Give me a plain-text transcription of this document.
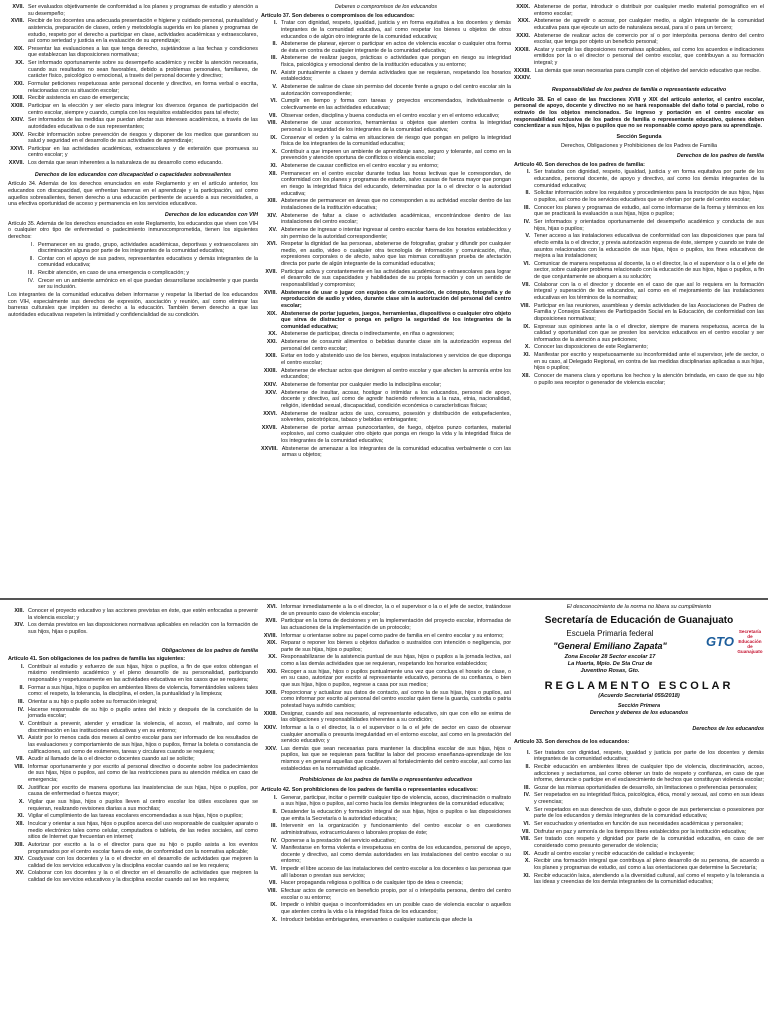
XVII. Ser evaluados objetivamente de conformidad a los planes y programas de estudio y atención a su desempeño;
XVIII. Recibir de los docentes una adecuada presentación e higiene y cuidado personal, puntualidad y asistencia, preparación de clases, orden y metodología sugerida en los planes y programas de estudio, respeto por el derecho a participar en clase, actividades académicas y extraescolares, así como seriedad y justicia en la evaluación de su aprendizaje;
XIX. Presentar las evaluaciones a las que tenga derecho, sujetándose a las fechas y condiciones que establezcan las disposiciones normativas;
XX. Ser informado oportunamente sobre su desempeño académico y recibir la atención necesaria, cuando sus resultados no sean favorables, debido a problemas personales, familiares, de carácter físico, psicológico o emocional, a través del personal docente y directivo;
XXI. Formular peticiones respetuosas ante personal docente y directivo, en forma verbal o escrita, relacionadas con su situación escolar;
XXII. Recibir asistencia en caso de emergencia;
XXIII. Participar en la elección y ser electo para integrar los diversos órganos de participación del centro escolar, siempre y cuando, cumpla con los requisitos establecidos para tal efecto;
XXIV. Ser informados de las medidas que puedan afectar sus intereses académicos, a través de las autoridades educativas o de sus representantes;
XXV. Recibir información sobre prevención de riesgos y disponer de los medios que garanticen su salud y seguridad en el desarrollo de sus actividades de aprendizaje;
XXVI. Participar en las actividades académicas, extraescolares y de extensión que promueva su centro escolar; y
XXVII. Los demás que sean inherentes a la naturaleza de su desarrollo como educando.
Derechos de los educandos con discapacidad o capacidades sobresalientes

Artículo 34. Además de los derechos enunciados en este Reglamento y en el artículo anterior, los educandos con discapacidad, que enfrentan barreras en el aprendizaje y la participación, así como aquellos sobresalientes, tienen derecho a una educación pertinente de acuerdo a sus necesidades, a una efectiva oportunidad de acceso y permanencia en los servicios educativos.

Derechos de los educandos con VIH

Artículo 35. Además de los derechos enunciados en este Reglamento, los educandos que viven con VIH o cualquier otro tipo de enfermedad o padecimiento inmunocomprometida, tienen los siguientes derechos:

I. Permanecer en su grado, grupo, actividades académicas, deportivas y extraescolares sin discriminación alguna por parte de los integrantes de la comunidad educativa;
II. Contar con el apoyo de sus padres, representantes educativos y demás integrantes de la comunidad educativa;
III. Recibir atención, en caso de una emergencia o complicación; y
IV. Crecer en un ambiente armónico en el que puedan desarrollarse socialmente y que pueda ser su inclusión.

Los integrantes de la comunidad educativa deben informarse y respetar la libertad de los educandos con VIH, especialmente sus derechos de expresión, asociación y reunión, así como eliminar las barreras culturales que impiden su derecho a la educación. También tienen derecho a que las autoridades educativas respeten la intimidad y confidencialidad de su condición.

Deberes o compromisos de los educandos

Artículo 37. Son deberes o compromisos de los educandos:

I. Tratar con dignidad, respeto, igualdad, justicia y en forma equitativa a los docentes y demás integrantes de la comunidad educativa, así como respetar los bienes u objetos de otros educandos o de algún otro integrante de la comunidad educativa;
II. Abstenerse de planear, ejercer o participar en actos de violencia escolar o cualquier otra forma de ésta en contra de cualquier integrante de la comunidad educativa;
III. Abstenerse de realizar juegos, prácticas o actividades que pongan en riesgo su integridad física, psicológica y emocional dentro de la institución educativa y su entorno;
IV. Asistir puntualmente a clases y demás actividades que se requieran, respetando los horarios establecidos;
V. Abstenerse de salirse de clase sin permiso del docente frente a grupo o del centro escolar sin la autorización correspondiente;
VI. Cumplir en tiempo y forma con tareas y proyectos encomendados, individualmente o colectivamente en las actividades educativas;
VII. Observar orden, disciplina y buena conducta en el centro escolar y en el entorno educativo;
VIII. Abstenerse de usar accesorios, herramientas u objetos que atenten contra la integridad personal o la seguridad de los integrantes de la comunidad educativa;
IX. Conservar el orden y la calma en situaciones de riesgo que pongan en peligro la integridad física de los integrantes de la comunidad educativa;
X. Contribuir a que imperen un ambiente de aprendizaje sano, seguro y tolerante, así como en la prevención y atención oportuna de conflictos o violencia escolar;
XI. Abstenerse de causar conflictos en el centro escolar y su entorno;
XII. Permanecer en el centro escolar durante todas las horas lectivas que le correspondan, de conformidad con los planes y programas de estudio, salvo causas de fuerza mayor que pongan en riesgo la integridad física del educando, determinadas por la o el director o la autoridad educativa;
XIII. Abstenerse de permanecer en áreas que no corresponden a su actividad escolar dentro de las instalaciones de la institución educativa;
XIV. Abstenerse de faltar a clase o actividades académicas, encontrándose dentro de las instalaciones del centro escolar;
XV. Abstenerse de ingresar o intentar ingresar al centro escolar fuera de los horarios establecidos y sin permiso de la autoridad correspondiente;
XVI. Respetar la dignidad de las personas, abstenerse de fotografiar, grabar y difundir por cualquier medio, en audio, video o cualquier otra tecnología de información y comunicación, rifas, expresiones corporales o de afecto, salvo que las mismas constituyan prueba de afectación directa por parte de algún integrante de la comunidad educativa;
XVII. Participar activa y constantemente en las actividades académicas o extraescolares para lograr el desarrollo de sus capacidades y habilidades de su propia formación y con un sentido de responsabilidad y compromiso;
XVIII. Abstenerse de usar o jugar con equipos de comunicación, de cómputo, fotografía y de reproducción de audio y video, durante clase sin la autorización del personal del centro escolar;
XIX. Abstenerse de portar juguetes, juegos, herramientas, dispositivos o cualquier otro objeto que sirva de distractor o ponga en peligro la seguridad de los integrantes de la comunidad educativa;
XX. Abstenerse de participar, directa o indirectamente, en rifas o agresiones;
XXI. Abstenerse de consumir alimentos o bebidas durante clase sin la autorización expresa del personal del centro escolar;
XXII. Evitar en todo y abstenido uso de los bienes, equipos instalaciones y servicios de que disponga el centro escolar;
XXIII. Abstenerse de efectuar actos que denigren al centro escolar y que afecten la armonía entre los educandos;
XXIV. Abstenerse de fomentar por cualquier medio la indisciplina escolar;
XXV. Abstenerse de insultar, acosar, hostigar o intimidar a los educandos, personal de apoyo, docente y directivo, así como de agredir haciendo referencia a la raza, etnia, nacionalidad, religión, identidad sexual, discapacidad, condición económica o características físicas;
XXVI. Abstenerse de realizar actos de uso, consumo, posesión y distribución de estupefacientes, solventes, psicotrópicos, tabaco y bebidas embriagantes;
XXVII. Abstenerse de portar armas punzocortantes, de fuego, objetos punzo cortantes, material explosivo, así como cualquier otro objeto que ponga en riesgo la vida y la integridad física de los integrantes de la comunidad educativa;
XXVIII. Abstenerse de amenazar a los integrantes de la comunidad educativa verbalmente o con las armas u objetos;
XXIX. Abstenerse de portar, introducir o distribuir por cualquier medio material pornográfico en el entorno escolar;
XXX. Abstenerse de agredir o acosar, por cualquier medio, a algún integrante de la comunidad educativa para que ejecute un acto de naturaleza sexual, para sí o para un tercero;
XXXI. Abstenerse de realizar actos de comercio por sí o por interpósita persona dentro del centro escolar, que tenga por objeto un beneficio personal;
XXXII. Acatar y cumplir las disposiciones normativas aplicables, así como los acuerdos e indicaciones emitidos por la o el director o personal del centro escolar, que contribuyan a su formación integral; y
XXXIII. Las demás que sean necesarias para cumplir con el objetivo del servicio educativo que recibe.
XXXIV.
Responsabilidad de los padres de familia o representante educativo

Artículo 38. En el caso de las fracciones XVIII y XIX del artículo anterior, el centro escolar, personal de apoyo, docente y directivo no se hará responsable del daño total o parcial, robo o extravío de los objetos mencionados. Su ingreso y portación en el centro escolar es responsabilidad exclusiva de los padres de familia o representante educativo, quienes deben concientizar a sus hijos, hijas o pupilos que no se responsable como apoyo para su aprendizaje.

Sección Segunda
Derechos, Obligaciones y Prohibiciones de los Padres de Familia
Derechos de los padres de familia

Artículo 40. Son derechos de los padres de familia:

I. Ser tratados con dignidad, respeto, igualdad, justicia y en forma equitativa por parte de los educandos, personal docente, de apoyo y directivo, así como los demás integrantes de la comunidad educativa;
II. Solicitar información sobre los requisitos y procedimientos para la inscripción de sus hijos, hijas o pupilos, así como de los servicios educativos que se ofertan por parte del centro escolar;
III. Conocer los planes y programas de estudio, así como informarse de la forma y términos en los que se practicará la evaluación a sus hijas, hijos o pupilos;
IV. Ser informados y orientados oportunamente del desempeño académico y conducta de sus hijos, hijas o pupilos;
V. Tener acceso a las instalaciones educativas de conformidad con las disposiciones que para tal efecto emita la o el director, y previa autorización expresa de éste, siempre y cuando se trate de asuntos relacionados con la educación de sus hijas, hijos o pupilos, los fines educativos de mejora a las instalaciones;
VI. Comunicar de manera respetuosa al docente, la o el director, la o el supervisor o la o el jefe de sector, sobre cualquier problema relacionado con la educación de sus hijos, hijas o pupilos, a fin de que conjuntamente se aboquen a su solución;
VII. Colaborar con la o el director y docente en el caso de que así lo requiera en la formación integral y superación de los educandos, así como en el mejoramiento de las instalaciones educativas en los términos de la normativa;
VIII. Participar en las reuniones, asambleas y demás actividades de las Asociaciones de Padres de Familia y Consejos Escolares de Participación Social en la Educación, de conformidad con las disposiciones normativas;
IX. Expresar sus opiniones ante la o el director, siempre de manera respetuosa, acerca de la calidad y oportunidad con que se presten los servicios educativos en el centro escolar y ser informados de la atención a sus peticiones;
X. Conocer las disposiciones de este Reglamento;
XI. Manifestar por escrito y respetuosamente su inconformidad ante el supervisor, jefe de sector, o en su caso, al Delegado Regional, en contra de las medidas disciplinarias aplicadas a sus hijas, hijos o pupilos;
XII. Conocer de manera clara y oportuna los hechos y la atención brindada, en caso de que su hijo o pupilo sea receptor o generador de violencia escolar;
XIII. Conocer el proyecto educativo y las acciones previstas en éste, que estén enfocadas a prevenir la violencia escolar; y
XIV. Los demás previstos en las disposiciones normativas aplicables en relación con la formación de sus hijos, hijas o pupilos.
Obligaciones de los padres de familia

Artículo 41. Son obligaciones de los padres de familia las siguientes:

I. Contribuir al estudio y esfuerzo de sus hijas, hijos o pupilos, a fin de que estos obtengan el máximo rendimiento académico y el pleno desarrollo de su personalidad, participando responsable y respetuosamente en las actividades educativas en los casos que se requiera;
II. Formar a sus hijas, hijos o pupilos en ambientes libres de violencia, fomentándoles valores tales como: el respeto, la tolerancia, la disciplina, el orden, la puntualidad y la limpieza;
III. Orientar a su hijo o pupilo sobre su formación integral;
IV. Hacerse responsable de su hijo o pupilo antes del inicio y después de la conclusión de la jornada escolar;
V. Contribuir a prevenir, atender y erradicar la violencia, el acoso, el maltrato, así como la discriminación en las instituciones educativas y en su entorno;
VI. Asistir por lo menos cada dos meses al centro escolar para ser informado de los resultados de las evaluaciones y comportamiento de sus hijas, hijos o pupilos, firmar la boleta o constancia de calificaciones, así como de exámenes, tareas y circulares cuando se requiera;
VII. Acudir al llamado de la o el director o docentes cuando así se solicite;
VIII. Informar oportunamente y por escrito al personal directivo o docente sobre los padecimientos de sus hijas, hijos o pupilos, así como de las restricciones para su atención médica en caso de emergencia;
IX. Justificar por escrito de manera oportuna las inasistencias de sus hijas, hijos o pupilos, por causa de enfermedad o fuerza mayor;
X. Vigilar que sus hijas, hijos o pupilos lleven al centro escolar los útiles escolares que se requieran, realizando revisiones diarias a sus mochilas;
XI. Vigilar el cumplimiento de las tareas escolares encomendadas a sus hijas, hijos o pupilos;
XII. Inculcar y orientar a sus hijas, hijos o pupilos acerca del uso responsable de cualquier aparato o medio electrónico tales como celular, computadora o tableta, de las redes sociales, así como sitios de Internet que frecuentan en internet;
XIII. Autorizar por escrito a la o el director para que su hijo o pupilo asista a los eventos programados por el centro escolar fuera de este, de conformidad con la normativa aplicable;
XIV. Coadyuvar con los docentes y la o el director en el desarrollo de actividades que mejoren la calidad de los servicios educativos y la disciplina escolar cuando así se les requiera;
XV. Colaborar con los docentes y la o el director en el desarrollo de actividades que mejoren la calidad de los servicios educativos y la disciplina escolar cuando así se les requiera;
XVI. Informar inmediatamente a la o el director, la o el supervisor o la o el jefe de sector, tratándose de un presunto caso de violencia escolar;
XVII. Participar en la toma de decisiones y en la implementación del proyecto escolar, informadas de las actuaciones de la implementación de un protocolo;
XVIII. Informar u orientarse sobre su papel como padre de familia en el centro escolar y su entorno;
XIX. Reparar o reponer los bienes u objetos dañados o sustraídos con intención o negligencia, por parte de sus hijas, hijos o pupilos;
XX. Responsabilizarse de la asistencia puntual de sus hijas, hijos o pupilos a la jornada lectiva, así como a las demás actividades que se requieran, respetando los horarios establecidos;
XXI. Recoger a sus hijas, hijos o pupilos puntualmente una vez que concluya el horario de clase, o en su caso, autorizar por escrito al representante educativo, persona de su confianza, o bien que sus hijas, hijos o pupilos, regrese a casa por sus medios;
XXII. Proporcionar y actualizar sus datos de contacto, así como la de sus hijas, hijos o pupilos, así como informar por escrito al personal del centro escolar quien tiene la guarda, custodia o patria potestad haya sufrido cambios;
XXIII. Designar, cuando así sea necesario, al representante educativo, sin que con ello se exima de las obligaciones y responsabilidades inherentes a su condición;
XXIV. Informar a la o el director, la o el supervisor o la o el jefe de sector en caso de observar cualquier anomalía o presunta irregularidad en el entorno escolar, así como en la prestación del servicio educativo; y
XXV. Las demás que sean necesarias para mantener la disciplina escolar de sus hijas, hijos o pupilos, las que se requieran para facilitar la labor del proceso enseñanza-aprendizaje de los mismos y en general aquellas que coadyuven al fortalecimiento del centro escolar, así como las establecidas en la normatividad aplicable.
Prohibiciones de los padres de familia o representantes educativos

Artículo 42. Son prohibiciones de los padres de familia o representantes educativos:

I. Generar, participar, incitar o permitir cualquier tipo de violencia, acoso, discriminación o maltrato a sus hijas, hijos o pupilos, así como hacia los demás integrantes de la comunidad educativa;
II. Desatender la educación y formación integral de sus hijas, hijos o pupilos o las disposiciones que emita la Secretaría o la autoridad educativa;
III. Intervenir en la organización y funcionamiento del centro escolar o en cuestiones administrativas, extracurriculares o laborales propias de éste;
IV. Oponerse a la prestación del servicio educativo;
V. Manifestarse en forma violenta e irrespetuosa en contra de los educandos, personal de apoyo, docente y directivo, así como demás autoridades en las instalaciones del centro escolar o su entorno;
VI. Impedir el libre acceso de las instalaciones del centro escolar a los docentes o las personas que allí laboran o prestan sus servicios;
VII. Hacer propaganda religiosa o política o de cualquier tipo de idea o creencia;
VIII. Efectuar actos de comercio en beneficio propio, por sí o interpósita persona, dentro del centro escolar o su entorno;
IX. Impedir o inhibir quejas o inconformidades en un posible caso de violencia escolar o aquellos que atenten contra la vida o la integridad física de los educandos;
X. Introducir bebidas embriagantes, enervantes o cualquier sustancia que afecte la
El desconocimiento de la norma no libera su cumplimiento
Secretaría de Educación de Guanajuato
Escuela Primaria federal
"General Emiliano Zapata"
Zona Escolar 28 Sector escolar 17
La Huerta, Mpio. De Sta Cruz de
Juventino Rosas, Gto.
GTO
Secretaría de Educación de Guanajuato
REGLAMENTO ESCOLAR
(Acuerdo Secretarial 055/2018)
Sección Primera
Derechos y deberes de los educandos
Derechos de los educandos

Artículo 33. Son derechos de los educandos:

I. Ser tratados con dignidad, respeto, igualdad y justicia por parte de los docentes y demás integrantes de la comunidad educativa;
II. Recibir educación en ambientes libres de cualquier tipo de violencia, discriminación, acoso, adicciones y sectarismos, así como obtener un trato de respeto y confianza, en caso de que informe, denuncie o participe en el esclarecimiento de hechos que constituyan violencia escolar;
III. Gozar de las mismas oportunidades de desarrollo, sin limitaciones o preferencias personales;
IV. Ser respetados en su integridad física, psicológica, ética, moral y sexual, así como en sus ideas y creencias;
V. Ser respetados en sus derechos de uso, disfrute o goce de sus pertenencias o posesiones por parte de los educandos y demás integrantes de la comunidad educativa;
VI. Ser escuchados y orientados en función de sus necesidades académicas y personales;
VII. Disfrutar en paz y armonía de los tiempos libres establecidos por la institución educativa;
VIII. Ser tratado con respeto y dignidad por parte de la comunidad educativa, en caso de ser considerado como presunto generador de violencia;
IX. Acudir al centro escolar y recibir educación de calidad e incluyente;
X. Recibir una formación integral que contribuya al pleno desarrollo de su persona, de acuerdo a los planes y programas de estudio, así como a las orientaciones que determine la Secretaría;
XI. Recibir educación laica, atendiendo a la diversidad cultural, así como el respeto y la tolerancia a las ideas y creencias de los demás integrantes de la comunidad educativa;
